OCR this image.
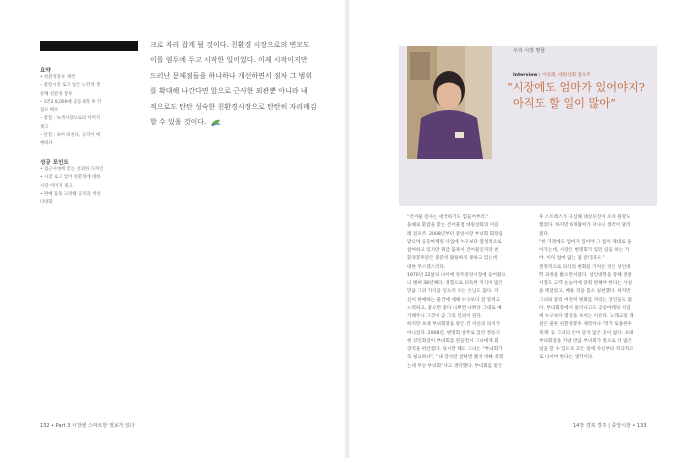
요약
• 친환경봉투 제작
– 중앙시장 로고 넣은 노란색 생
분해 친환경 봉투
– 1만2 8,000매 공동제작 후 각
점포 배포
– 장점 : 녹색시장으로의 이미지
제고
– 단점 : 속이 비친다, 규격이 애
매하다
성공 포인트
• 접근시대에 맞는 신뢰한 디자인
• 시장 로고 넣어 친환경에 대한
시장 이미지 제고
• 판매 품목 고려해 규격과 색상
다양화
크로 자리 잡게 될 것이다. 친환경 시장으로의 변모도
이를 염두에 두고 시작한 일이었다. 이제 시작이지만
드러난 문제점들을 하나하나 개선하면서 점차 그 범위
를 확대해 나간다면 앞으로 근사한 외관뿐 아니라 내
적으로도 탄탄 성숙한 친환경시장으로 탄탄히 자리매김
할 수 있을 것이다.
132 • Part 3 시장엔 스마트한 정보가 있다
우리 시장 명물
Interview | 이길례, 대원상회 점포주
“시장에도 엄마가 있어야지?
아직도 할 일이 많아”

“건어물 장사는 애국하기도 힘들어부러.”

올해로 환갑을 맞는 건어물점 대원상회의 이길

례 점포주. 2008년부터 중앙시장 부녀회 회장을

맡으며 공동마케팅 사업에 누구보다 열성적으로

참여하고 있지만 취급 품목이 건어물인지라 친

환경봉투만은 충분히 활용하지 못하고 있는데

대한 무스겠스러다.

1970년 22살의 나이에 경주중앙시장에 들어왔으

니 벌써 38년째다. 경험으로 터득한 지식이 많은

만큼 그의 지식을 얻으러 오는 손님도 많다. 자

신이 판매하는 물건에 대해 누구보다 잘 알려고

노력하고, 좋으면 좋다 나쁘면 나쁘다 그대로 얘

기해주니 그것이 곧 그의 신뢰이 된다.

하지만 초대 부녀회장을 맡은 건 자신의 의지가

아니었다. 2008년, 변명회 상무로 있던 정동식

현 상인회장이 부녀회를 만들면서 그녀에게 회

장직을 떠안겼다. 당시만 해도 그녀는 “부녀회가

꼭 필요하냐”, “내 장사만 잘하면 됐지 바빠 죽겠

는데 무슨 부녀회”냐고 생각했다. 부녀회를 맡은

후 스트레스가 극심해 대상포진이 오자 원망도

했었다. 하지만 6개월여가 지나니 생각이 달라

졌다.

“한 가정에도 엄마가 있어야 그 집이 제대로 돌

아가는데, 시장은 변명회가 있던 일을 하는 거

야. 이미 엄마 없는 집 같더라구.”

결정적으로 의식의 변화를 가져온 것은 상인대

학 과정을 밟으면서였다. 상인대학을 통해 전통

시장도 고객 눈높이에 맞춰 변해야 한다는 사실

을 깨달았고, 배운 것을 몸소 실천했다. 하지만

그녀와 달리 여전히 변화를 꺼리는 상인들도 많

다. 부녀회장에서 물러나고도 공동마케팅 사업

에 누구보다 열성을 보이는 이유다. 노래교실 개

설은 물론 친환경봉투 제작이나 ‘먹거 토종한우

축제’ 등 그녀의 손이 닿지 않은 곳이 없다. 초대

부녀회장을 지낸 만큼 부녀회가 앞으로 더 많은

일을 할 수 있도록 모든 일에 자신부터 적극적으

로 나서야 한다는 생각이다.

14장 경북 경주 | 중앙시장 • 133
